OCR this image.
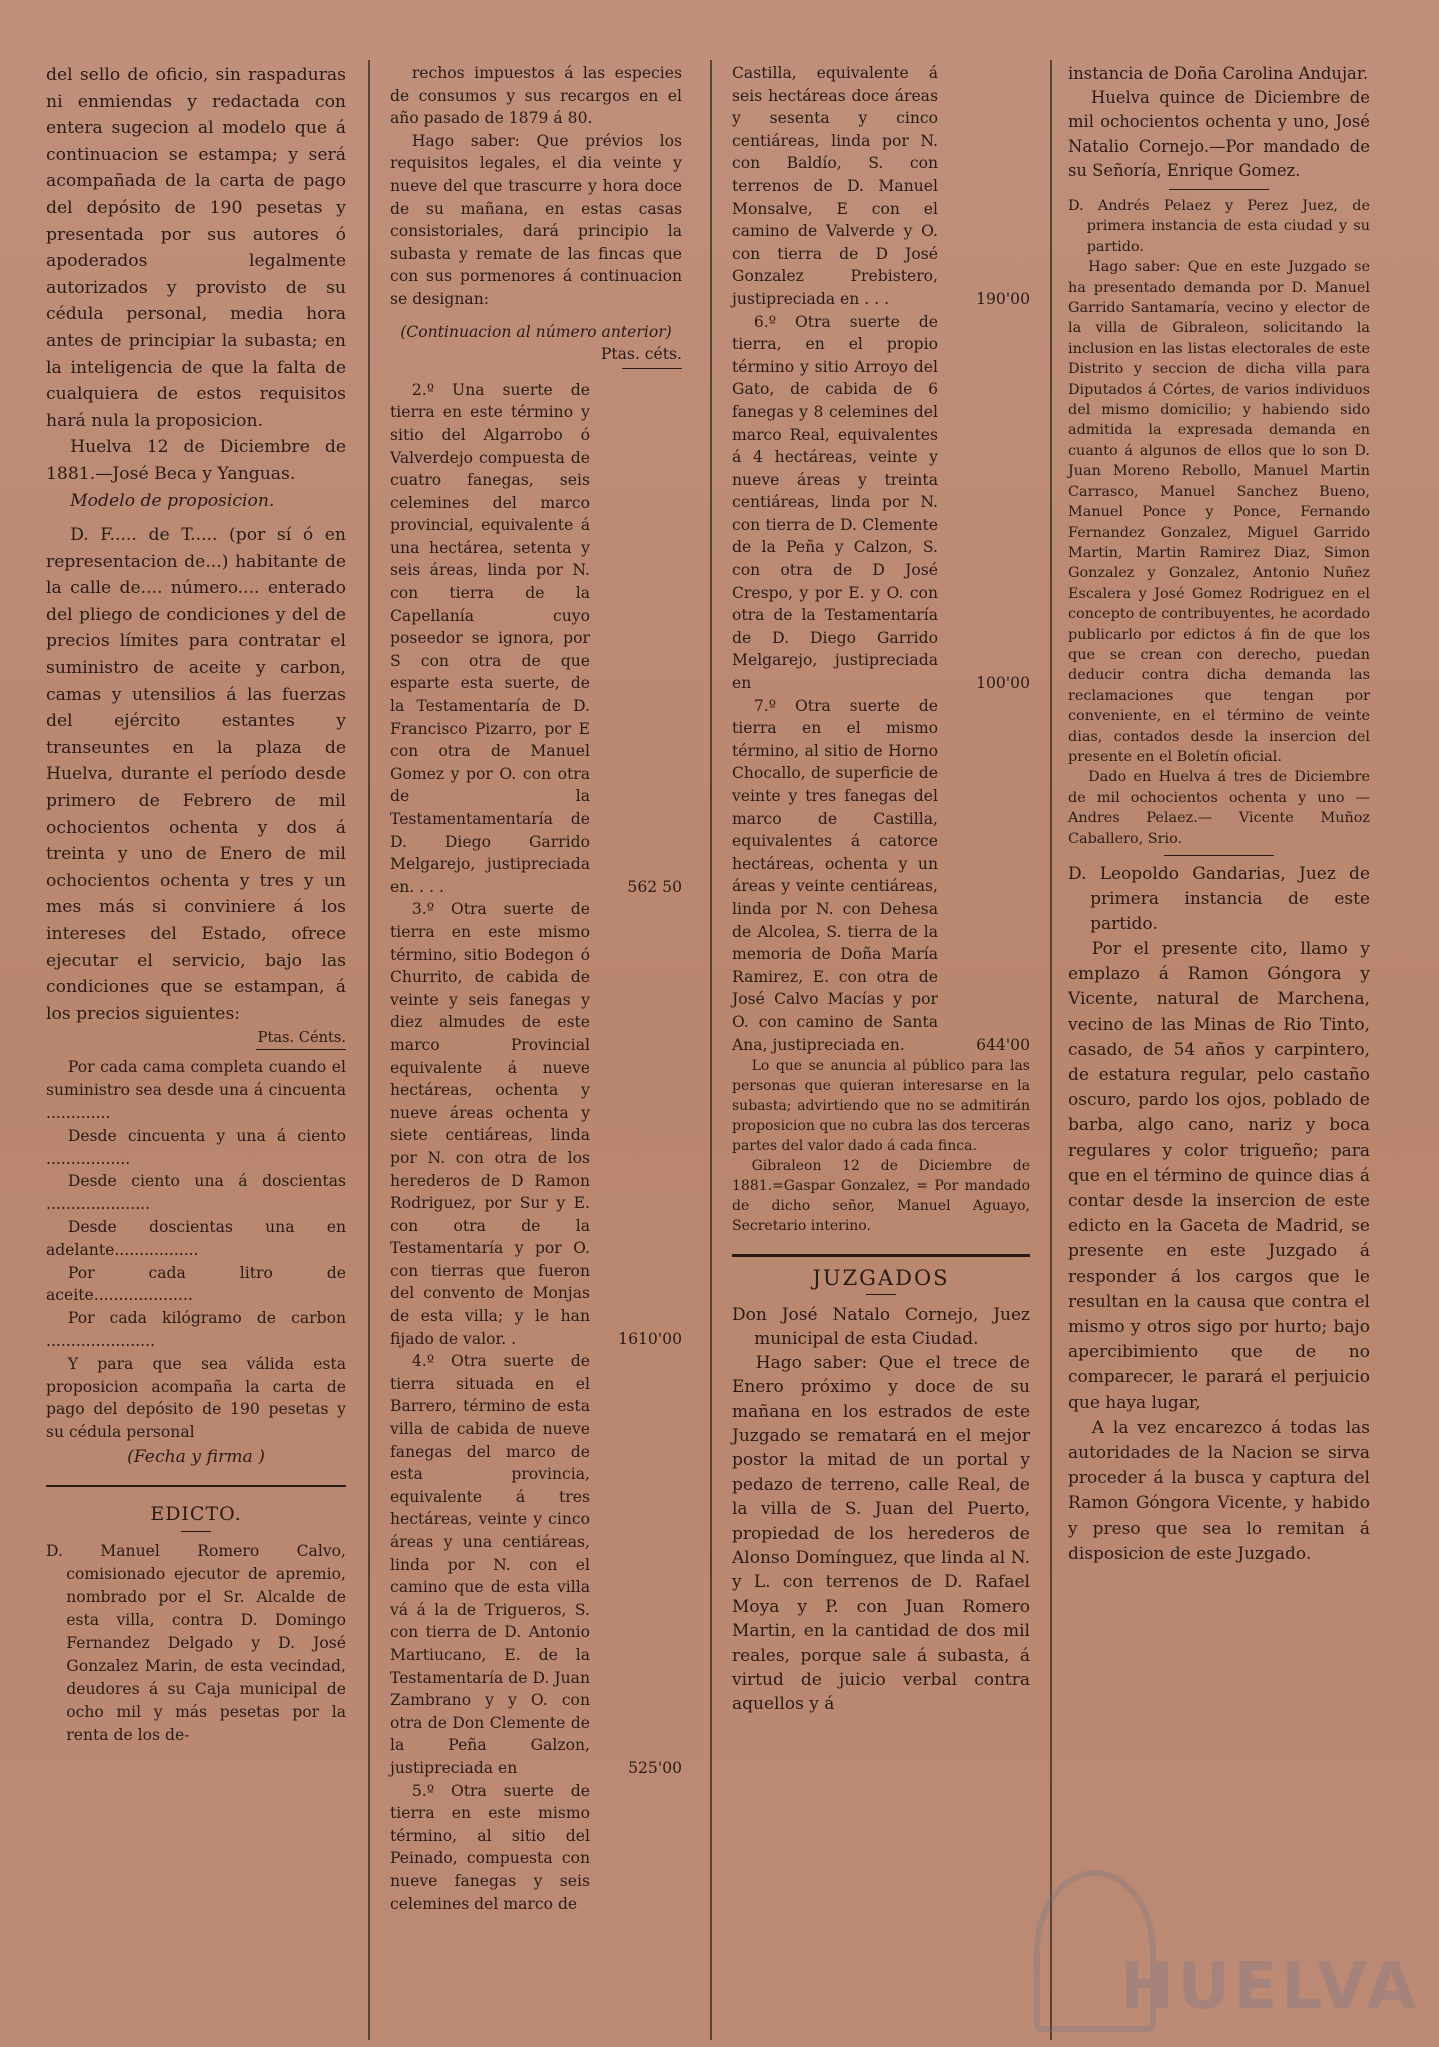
del sello de oficio, sin raspaduras ni enmiendas y redactada con entera sugecion al modelo que á continuacion se estampa; y será acompañada de la carta de pago del depósito de 190 pesetas y presentada por sus autores ó apoderados legalmente autorizados y provisto de su cédula personal, media hora antes de principiar la subasta; en la inteligencia de que la falta de cualquiera de estos requisitos hará nula la proposicion.

Huelva 12 de Diciembre de 1881.—José Beca y Yanguas.

Modelo de proposicion.

D. F..... de T..... (por sí ó en representacion de...) habitante de la calle de.... número.... enterado del pliego de condiciones y del de precios límites para contratar el suministro de aceite y carbon, camas y utensilios á las fuerzas del ejército estantes y transeuntes en la plaza de Huelva, durante el período desde primero de Febrero de mil ochocientos ochenta y dos á treinta y uno de Enero de mil ochocientos ochenta y tres y un mes más si conviniere á los intereses del Estado, ofrece ejecutar el servicio, bajo las condiciones que se estampan, á los precios siguientes:

Ptas. Cénts.

Por cada cama completa cuando el suministro sea desde una á cincuenta .............

Desde cincuenta y una á ciento .................

Desde ciento una á doscientas .....................

Desde doscientas una en adelante.................

Por cada litro de aceite....................

Por cada kilógramo de carbon ......................

Y para que sea válida esta proposicion acompaña la carta de pago del depósito de 190 pesetas y su cédula personal

(Fecha y firma )

EDICTO.

D. Manuel Romero Calvo, comisionado ejecutor de apremio, nombrado por el Sr. Alcalde de esta villa, contra D. Domingo Fernandez Delgado y D. José Gonzalez Marin, de esta vecindad, deudores á su Caja municipal de ocho mil y más pesetas por la renta de los de-

rechos impuestos á las especies de consumos y sus recargos en el año pasado de 1879 á 80.

Hago saber: Que prévios los requisitos legales, el dia veinte y nueve del que trascurre y hora doce de su mañana, en estas casas consistoriales, dará principio la subasta y remate de las fincas que con sus pormenores á continuacion se designan:

(Continuacion al número anterior)

Ptas. céts.

2.º Una suerte de tierra en este término y sitio del Algarrobo ó Valverdejo compuesta de cuatro fanegas, seis celemines del marco provincial, equivalente á una hectárea, setenta y seis áreas, linda por N. con tierra de la Capellanía cuyo poseedor se ignora, por S con otra de que esparte esta suerte, de la Testamentaría de D. Francisco Pizarro, por E con otra de Manuel Gomez y por O. con otra de la Testamentamentaría de D. Diego Garrido Melgarejo, justipreciada en. . . .	562 50

3.º Otra suerte de tierra en este mismo término, sitio Bodegon ó Churrito, de cabida de veinte y seis fanegas y diez almudes de este marco Provincial equivalente á nueve hectáreas, ochenta y nueve áreas ochenta y siete centiáreas, linda por N. con otra de los herederos de D Ramon Rodriguez, por Sur y E. con otra de la Testamentaría y por O. con tierras que fueron del convento de Monjas de esta villa; y le han fijado de valor. .	1610'00

4.º Otra suerte de tierra situada en el Barrero, término de esta villa de cabida de nueve fanegas del marco de esta provincia, equivalente á tres hectáreas, veinte y cinco áreas y una centiáreas, linda por N. con el camino que de esta villa vá á la de Trigueros, S. con tierra de D. Antonio Martiucano, E. de la Testamentaría de D. Juan Zambrano y y O. con otra de Don Clemente de la Peña Galzon, justipreciada en	525'00

5.º Otra suerte de tierra en este mismo término, al sitio del Peinado, compuesta con nueve fanegas y seis celemines del marco de

Castilla, equivalente á seis hectáreas doce áreas y sesenta y cinco centiáreas, linda por N. con Baldío, S. con terrenos de D. Manuel Monsalve, E con el camino de Valverde y O. con tierra de D José Gonzalez Prebistero, justipreciada en . . .	190'00

6.º Otra suerte de tierra, en el propio término y sitio Arroyo del Gato, de cabida de 6 fanegas y 8 celemines del marco Real, equivalentes á 4 hectáreas, veinte y nueve áreas y treinta centiáreas, linda por N. con tierra de D. Clemente de la Peña y Calzon, S. con otra de D José Crespo, y por E. y O. con otra de la Testamentaría de D. Diego Garrido Melgarejo, justipreciada en	100'00

7.º Otra suerte de tierra en el mismo término, al sitio de Horno Chocallo, de superficie de veinte y tres fanegas del marco de Castilla, equivalentes á catorce hectáreas, ochenta y un áreas y veinte centiáreas, linda por N. con Dehesa de Alcolea, S. tierra de la memoria de Doña María Ramirez, E. con otra de José Calvo Macías y por O. con camino de Santa Ana, justipreciada en.	644'00

Lo que se anuncia al público para las personas que quieran interesarse en la subasta; advirtiendo que no se admitirán proposicion que no cubra las dos terceras partes del valor dado á cada finca.

Gibraleon 12 de Diciembre de 1881.=Gaspar Gonzalez, = Por mandado de dicho señor, Manuel Aguayo, Secretario interino.

JUZGADOS

Don José Natalo Cornejo, Juez municipal de esta Ciudad.

Hago saber: Que el trece de Enero próximo y doce de su mañana en los estrados de este Juzgado se rematará en el mejor postor la mitad de un portal y pedazo de terreno, calle Real, de la villa de S. Juan del Puerto, propiedad de los herederos de Alonso Domínguez, que linda al N. y L. con terrenos de D. Rafael Moya y P. con Juan Romero Martin, en la cantidad de dos mil reales, porque sale á subasta, á virtud de juicio verbal contra aquellos y á

instancia de Doña Carolina Andujar.

Huelva quince de Diciembre de mil ochocientos ochenta y uno, José Natalio Cornejo.—Por mandado de su Señoría, Enrique Gomez.

D. Andrés Pelaez y Perez Juez, de primera instancia de esta ciudad y su partido.

Hago saber: Que en este Juzgado se ha presentado demanda por D. Manuel Garrido Santamaría, vecino y elector de la villa de Gibraleon, solicitando la inclusion en las listas electorales de este Distrito y seccion de dicha villa para Diputados á Córtes, de varios individuos del mismo domicilio; y habiendo sido admitida la expresada demanda en cuanto á algunos de ellos que lo son D. Juan Moreno Rebollo, Manuel Martin Carrasco, Manuel Sanchez Bueno, Manuel Ponce y Ponce, Fernando Fernandez Gonzalez, Miguel Garrido Martin, Martin Ramirez Diaz, Simon Gonzalez y Gonzalez, Antonio Nuñez Escalera y José Gomez Rodriguez en el concepto de contribuyentes, he acordado publicarlo por edictos á fin de que los que se crean con derecho, puedan deducir contra dicha demanda las reclamaciones que tengan por conveniente, en el término de veinte dias, contados desde la insercion del presente en el Boletín oficial.

Dado en Huelva á tres de Diciembre de mil ochocientos ochenta y uno — Andres Pelaez.— Vicente Muñoz Caballero, Srio.

D. Leopoldo Gandarias, Juez de primera instancia de este partido.

Por el presente cito, llamo y emplazo á Ramon Góngora y Vicente, natural de Marchena, vecino de las Minas de Rio Tinto, casado, de 54 años y carpintero, de estatura regular, pelo castaño oscuro, pardo los ojos, poblado de barba, algo cano, nariz y boca regulares y color trigueño; para que en el término de quince dias á contar desde la insercion de este edicto en la Gaceta de Madrid, se presente en este Juzgado á responder á los cargos que le resultan en la causa que contra el mismo y otros sigo por hurto; bajo apercibimiento que de no comparecer, le parará el perjuicio que haya lugar,

A la vez encarezco á todas las autoridades de la Nacion se sirva proceder á la busca y captura del Ramon Góngora Vicente, y habido y preso que sea lo remitan á disposicion de este Juzgado.

HUELVA
